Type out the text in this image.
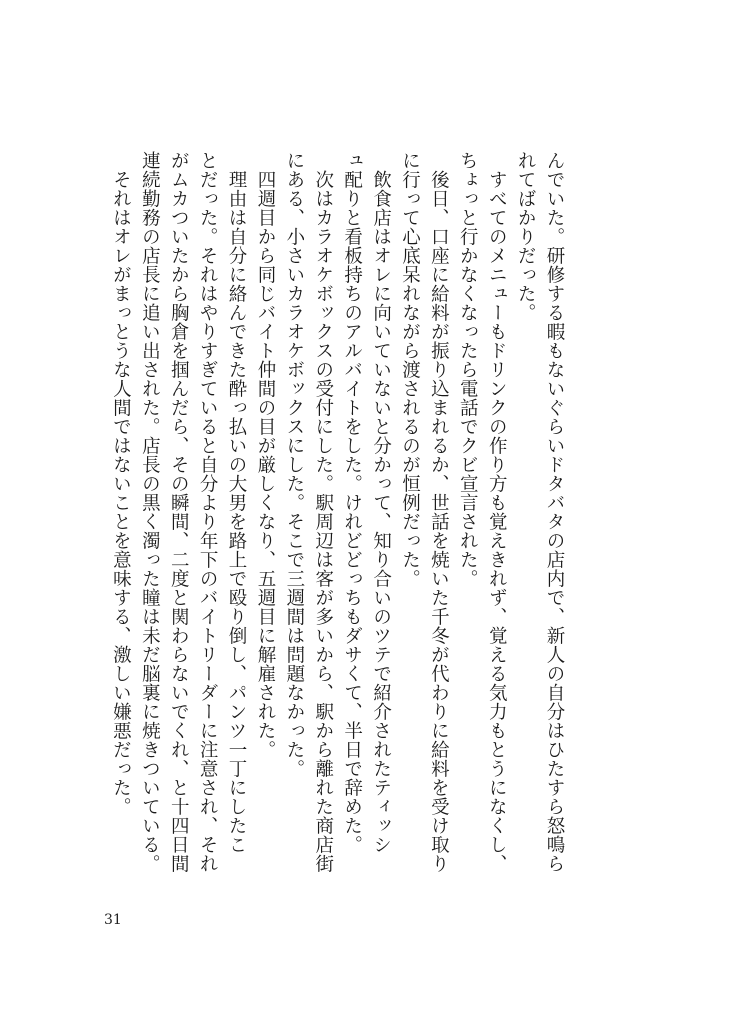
んでいた。研修する暇もないぐらいドタバタの店内で、新人の自分はひたすら怒鳴ら
れてばかりだった。
　すべてのメニューもドリンクの作り方も覚えきれず、覚える気力もとうになくし、
ちょっと行かなくなったら電話でクビ宣言された。
　後日、口座に給料が振り込まれるか、世話を焼いた千冬が代わりに給料を受け取り
に行って心底呆れながら渡されるのが恒例だった。
　飲食店はオレに向いていないと分かって、知り合いのツテで紹介されたティッシ
ュ配りと看板持ちのアルバイトをした。けれどどっちもダサくて、半日で辞めた。
　次はカラオケボックスの受付にした。駅周辺は客が多いから、駅から離れた商店街
にある、小さいカラオケボックスにした。そこで三週間は問題なかった。
　四週目から同じバイト仲間の目が厳しくなり、五週目に解雇された。
　理由は自分に絡んできた酔っ払いの大男を路上で殴り倒し、パンツ一丁にしたこ
とだった。それはやりすぎていると自分より年下のバイトリーダーに注意され、それ
がムカついたから胸倉を掴んだら、その瞬間、二度と関わらないでくれ、と十四日間
連続勤務の店長に追い出された。店長の黒く濁った瞳は未だ脳裏に焼きついている。
　それはオレがまっとうな人間ではないことを意味する、激しい嫌悪だった。
31
